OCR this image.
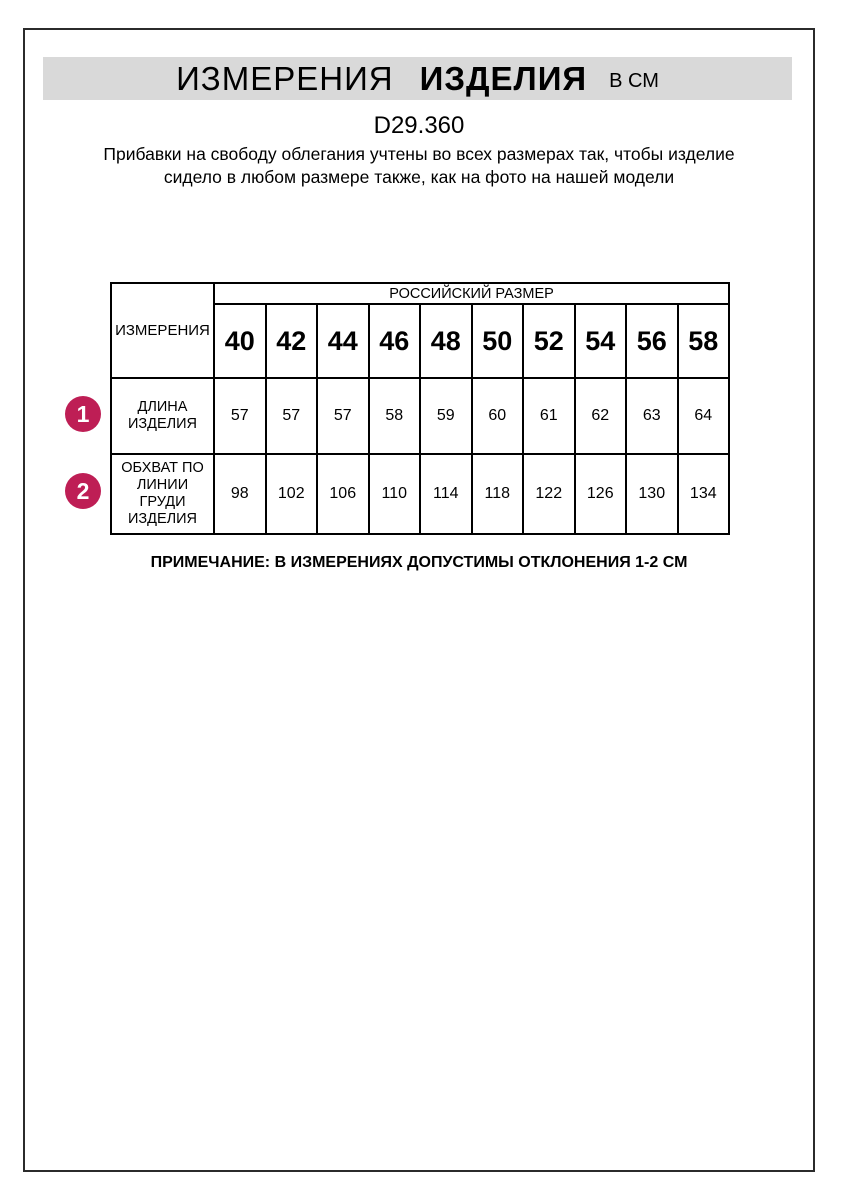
ИЗМЕРЕНИЯ ИЗДЕЛИЯ В СМ
D29.360
Прибавки на свободу облегания учтены во всех размерах так, чтобы изделие сидело в любом размере также, как на фото на нашей модели
ИЗМЕРЕНИЯ	РОССИЙСКИЙ РАЗМЕР									
	40	42	44	46	48	50	52	54	56	58
ДЛИНА ИЗДЕЛИЯ	57	57	57	58	59	60	61	62	63	64
ОБХВАТ ПО ЛИНИИ ГРУДИ ИЗДЕЛИЯ	98	102	106	110	114	118	122	126	130	134
1
2
ПРИМЕЧАНИЕ: В ИЗМЕРЕНИЯХ ДОПУСТИМЫ ОТКЛОНЕНИЯ 1-2 СМ
